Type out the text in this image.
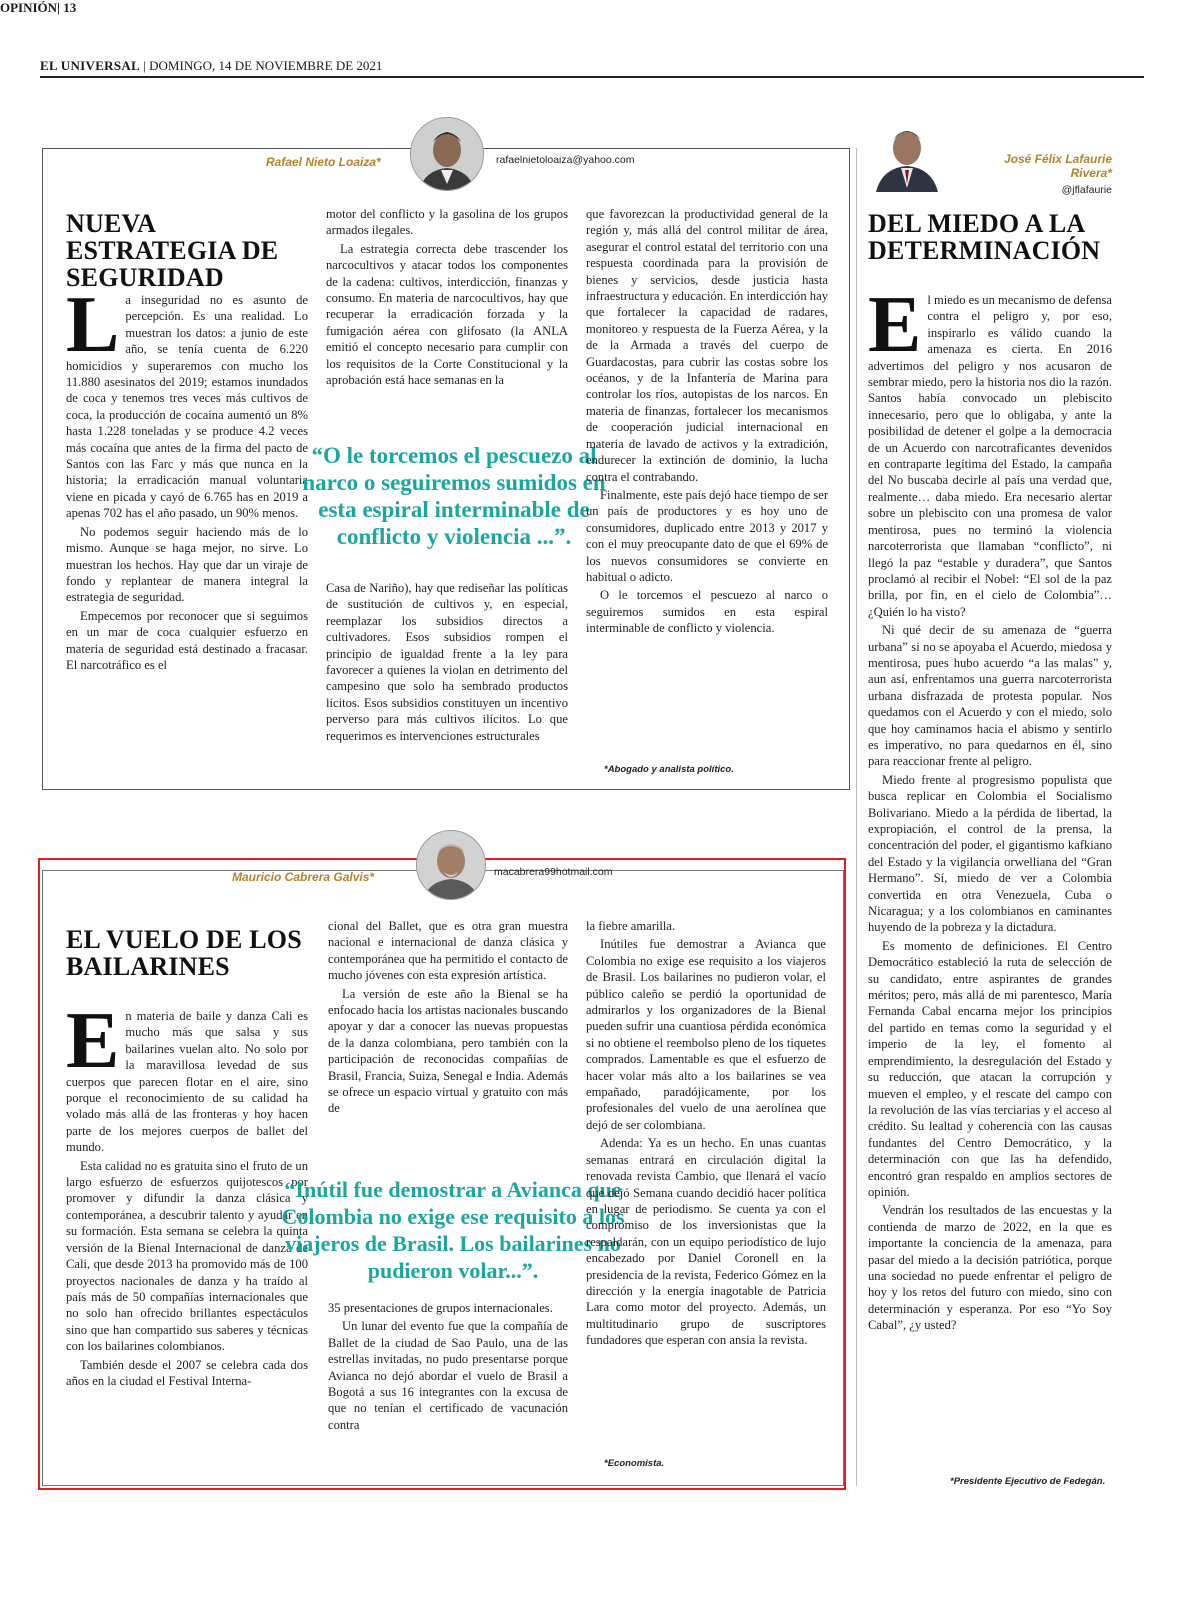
EL UNIVERSAL | DOMINGO, 14 DE NOVIEMBRE DE 2021
OPINIÓN| 13
Rafael Nieto Loaiza*	rafaelnietoloaiza@yahoo.com
NUEVA ESTRATEGIA DE SEGURIDAD
L a inseguridad no es asunto de percepción. Es una realidad. Lo muestran los datos: a junio de este año, se tenía cuenta de 6.220 homicidios y superaremos con mucho los 11.880 asesinatos del 2019; estamos inundados de coca y tenemos tres veces más cultivos de coca, la producción de cocaína aumentó un 8% hasta 1.228 toneladas y se produce 4.2 veces más cocaína que antes de la firma del pacto de Santos con las Farc y más que nunca en la historia; la erradicación manual voluntaria viene en picada y cayó de 6.765 has en 2019 a apenas 702 has el año pasado, un 90% menos.

No podemos seguir haciendo más de lo mismo. Aunque se haga mejor, no sirve. Lo muestran los hechos. Hay que dar un viraje de fondo y replantear de manera integral la estrategia de seguridad.

Empecemos por reconocer que si seguimos en un mar de coca cualquier esfuerzo en materia de seguridad está destinado a fracasar. El narcotráfico es el

motor del conflicto y la gasolina de los grupos armados ilegales.

La estrategia correcta debe trascender los narcocultivos y atacar todos los componentes de la cadena: cultivos, interdicción, finanzas y consumo. En materia de narcocultivos, hay que recuperar la erradicación forzada y la fumigación aérea con glifosato (la ANLA emitió el concepto necesario para cumplir con los requisitos de la Corte Constitucional y la aprobación está hace semanas en la

“O le torcemos el pescuezo al narco o seguiremos sumidos en esta espiral interminable de conflicto y violencia ...”.

Casa de Nariño), hay que rediseñar las políticas de sustitución de cultivos y, en especial, reemplazar los subsidios directos a cultivadores. Esos subsidios rompen el principio de igualdad frente a la ley para favorecer a quienes la violan en detrimento del campesino que solo ha sembrado productos lícitos. Esos subsidios constituyen un incentivo perverso para más cultivos ilícitos. Lo que requerimos es intervenciones estructurales

que favorezcan la productividad general de la región y, más allá del control militar de área, asegurar el control estatal del territorio con una respuesta coordinada para la provisión de bienes y servicios, desde justicia hasta infraestructura y educación. En interdicción hay que fortalecer la capacidad de radares, monitoreo y respuesta de la Fuerza Aérea, y la de la Armada a través del cuerpo de Guardacostas, para cubrir las costas sobre los océanos, y de la Infantería de Marina para controlar los ríos, autopistas de los narcos. En materia de finanzas, fortalecer los mecanismos de cooperación judicial internacional en materia de lavado de activos y la extradición, endurecer la extinción de dominio, la lucha contra el contrabando.

Finalmente, este país dejó hace tiempo de ser un país de productores y es hoy uno de consumidores, duplicado entre 2013 y 2017 y con el muy preocupante dato de que el 69% de los nuevos consumidores se convierte en habitual o adicto.

O le torcemos el pescuezo al narco o seguiremos sumidos en esta espiral interminable de conflicto y violencia.

*Abogado y analista político.
José Félix Lafaurie Rivera*
@jflafaurie
DEL MIEDO A LA DETERMINACIÓN
E l miedo es un mecanismo de defensa contra el peligro y, por eso, inspirarlo es válido cuando la amenaza es cierta. En 2016 advertimos del peligro y nos acusaron de sembrar miedo, pero la historia nos dio la razón. Santos había convocado un plebiscito innecesario, pero que lo obligaba, y ante la posibilidad de detener el golpe a la democracia de un Acuerdo con narcotraficantes devenidos en contraparte legítima del Estado, la campaña del No buscaba decirle al país una verdad que, realmente… daba miedo. Era necesario alertar sobre un plebiscito con una promesa de valor mentirosa, pues no terminó la violencia narcoterrorista que llamaban “conflicto”, ni llegó la paz “estable y duradera”, que Santos proclamó al recibir el Nobel: “El sol de la paz brilla, por fin, en el cielo de Colombia”… ¿Quién lo ha visto?

Ni qué decir de su amenaza de “guerra urbana” si no se apoyaba el Acuerdo, miedosa y mentirosa, pues hubo acuerdo “a las malas” y, aun así, enfrentamos una guerra narcoterrorista urbana disfrazada de protesta popular. Nos quedamos con el Acuerdo y con el miedo, solo que hoy caminamos hacia el abismo y sentirlo es imperativo, no para quedarnos en él, sino para reaccionar frente al peligro.

Miedo frente al progresismo populista que busca replicar en Colombia el Socialismo Bolivariano. Miedo a la pérdida de libertad, la expropiación, el control de la prensa, la concentración del poder, el gigantismo kafkiano del Estado y la vigilancia orwelliana del “Gran Hermano”. Sí, miedo de ver a Colombia convertida en otra Venezuela, Cuba o Nicaragua; y a los colombianos en caminantes huyendo de la pobreza y la dictadura.

Es momento de definiciones. El Centro Democrático estableció la ruta de selección de su candidato, entre aspirantes de grandes méritos; pero, más allá de mi parentesco, María Fernanda Cabal encarna mejor los principios del partido en temas como la seguridad y el imperio de la ley, el fomento al emprendimiento, la desregulación del Estado y su reducción, que atacan la corrupción y mueven el empleo, y el rescate del campo con la revolución de las vías terciarias y el acceso al crédito. Su lealtad y coherencia con las causas fundantes del Centro Democrático, y la determinación con que las ha defendido, encontró gran respaldo en amplios sectores de opinión.

Vendrán los resultados de las encuestas y la contienda de marzo de 2022, en la que es importante la conciencia de la amenaza, para pasar del miedo a la decisión patriótica, porque una sociedad no puede enfrentar el peligro de hoy y los retos del futuro con miedo, sino con determinación y esperanza. Por eso “Yo Soy Cabal”, ¿y usted?

*Presidente Ejecutivo de Fedegán.
Mauricio Cabrera Galvis*	macabrera99hotmail.com
EL VUELO DE LOS BAILARINES
E n materia de baile y danza Cali es mucho más que salsa y sus bailarines vuelan alto. No solo por la maravillosa levedad de sus cuerpos que parecen flotar en el aire, sino porque el reconocimiento de su calidad ha volado más allá de las fronteras y hoy hacen parte de los mejores cuerpos de ballet del mundo.

Esta calidad no es gratuita sino el fruto de un largo esfuerzo de esfuerzos quijotescos por promover y difundir la danza clásica y contemporánea, a descubrir talento y ayudar en su formación. Esta semana se celebra la quinta versión de la Bienal Internacional de danza de Cali, que desde 2013 ha promovido más de 100 proyectos nacionales de danza y ha traído al país más de 50 compañías internacionales que no solo han ofrecido brillantes espectáculos sino que han compartido sus saberes y técnicas con los bailarines colombianos.

También desde el 2007 se celebra cada dos años en la ciudad el Festival Interna-

cional del Ballet, que es otra gran muestra nacional e internacional de danza clásica y contemporánea que ha permitido el contacto de mucho jóvenes con esta expresión artística.

La versión de este año la Bienal se ha enfocado hacia los artistas nacionales buscando apoyar y dar a conocer las nuevas propuestas de la danza colombiana, pero también con la participación de reconocidas compañías de Brasil, Francia, Suiza, Senegal e India. Además se ofrece un espacio virtual y gratuito con más de

“Inútil fue demostrar a Avianca que Colombia no exige ese requisito a los viajeros de Brasil. Los bailarines no pudieron volar...”.

35 presentaciones de grupos internacionales.

Un lunar del evento fue que la compañía de Ballet de la ciudad de Sao Paulo, una de las estrellas invitadas, no pudo presentarse porque Avianca no dejó abordar el vuelo de Brasil a Bogotá a sus 16 integrantes con la excusa de que no tenían el certificado de vacunación contra

la fiebre amarilla.

Inútiles fue demostrar a Avianca que Colombia no exige ese requisito a los viajeros de Brasil. Los bailarines no pudieron volar, el público caleño se perdió la oportunidad de admirarlos y los organizadores de la Bienal pueden sufrir una cuantiosa pérdida económica si no obtiene el reembolso pleno de los tiquetes comprados. Lamentable es que el esfuerzo de hacer volar más alto a los bailarines se vea empañado, paradójicamente, por los profesionales del vuelo de una aerolínea que dejó de ser colombiana.

Adenda: Ya es un hecho. En unas cuantas semanas entrará en circulación digital la renovada revista Cambio, que llenará el vacío que dejó Semana cuando decidió hacer política en lugar de periodismo. Se cuenta ya con el compromiso de los inversionistas que la respaldarán, con un equipo periodístico de lujo encabezado por Daniel Coronell en la presidencia de la revista, Federico Gómez en la dirección y la energía inagotable de Patricia Lara como motor del proyecto. Además, un multitudinario grupo de suscriptores fundadores que esperan con ansia la revista.

*Economista.
